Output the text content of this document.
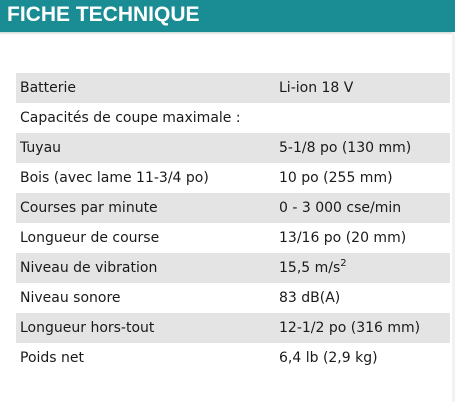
FICHE TECHNIQUE
Batterie	Li-ion 18 V
Capacités de coupe maximale :
Tuyau	5-1/8 po (130 mm)
Bois (avec lame 11-3/4 po)	10 po (255 mm)
Courses par minute	0 - 3 000 cse/min
Longueur de course	13/16 po (20 mm)
Niveau de vibration	15,5 $m/s^2$
Niveau sonore	83 dB(A)
Longueur hors-tout	12-1/2 po (316 mm)
Poids net	6,4 lb (2,9 kg)
